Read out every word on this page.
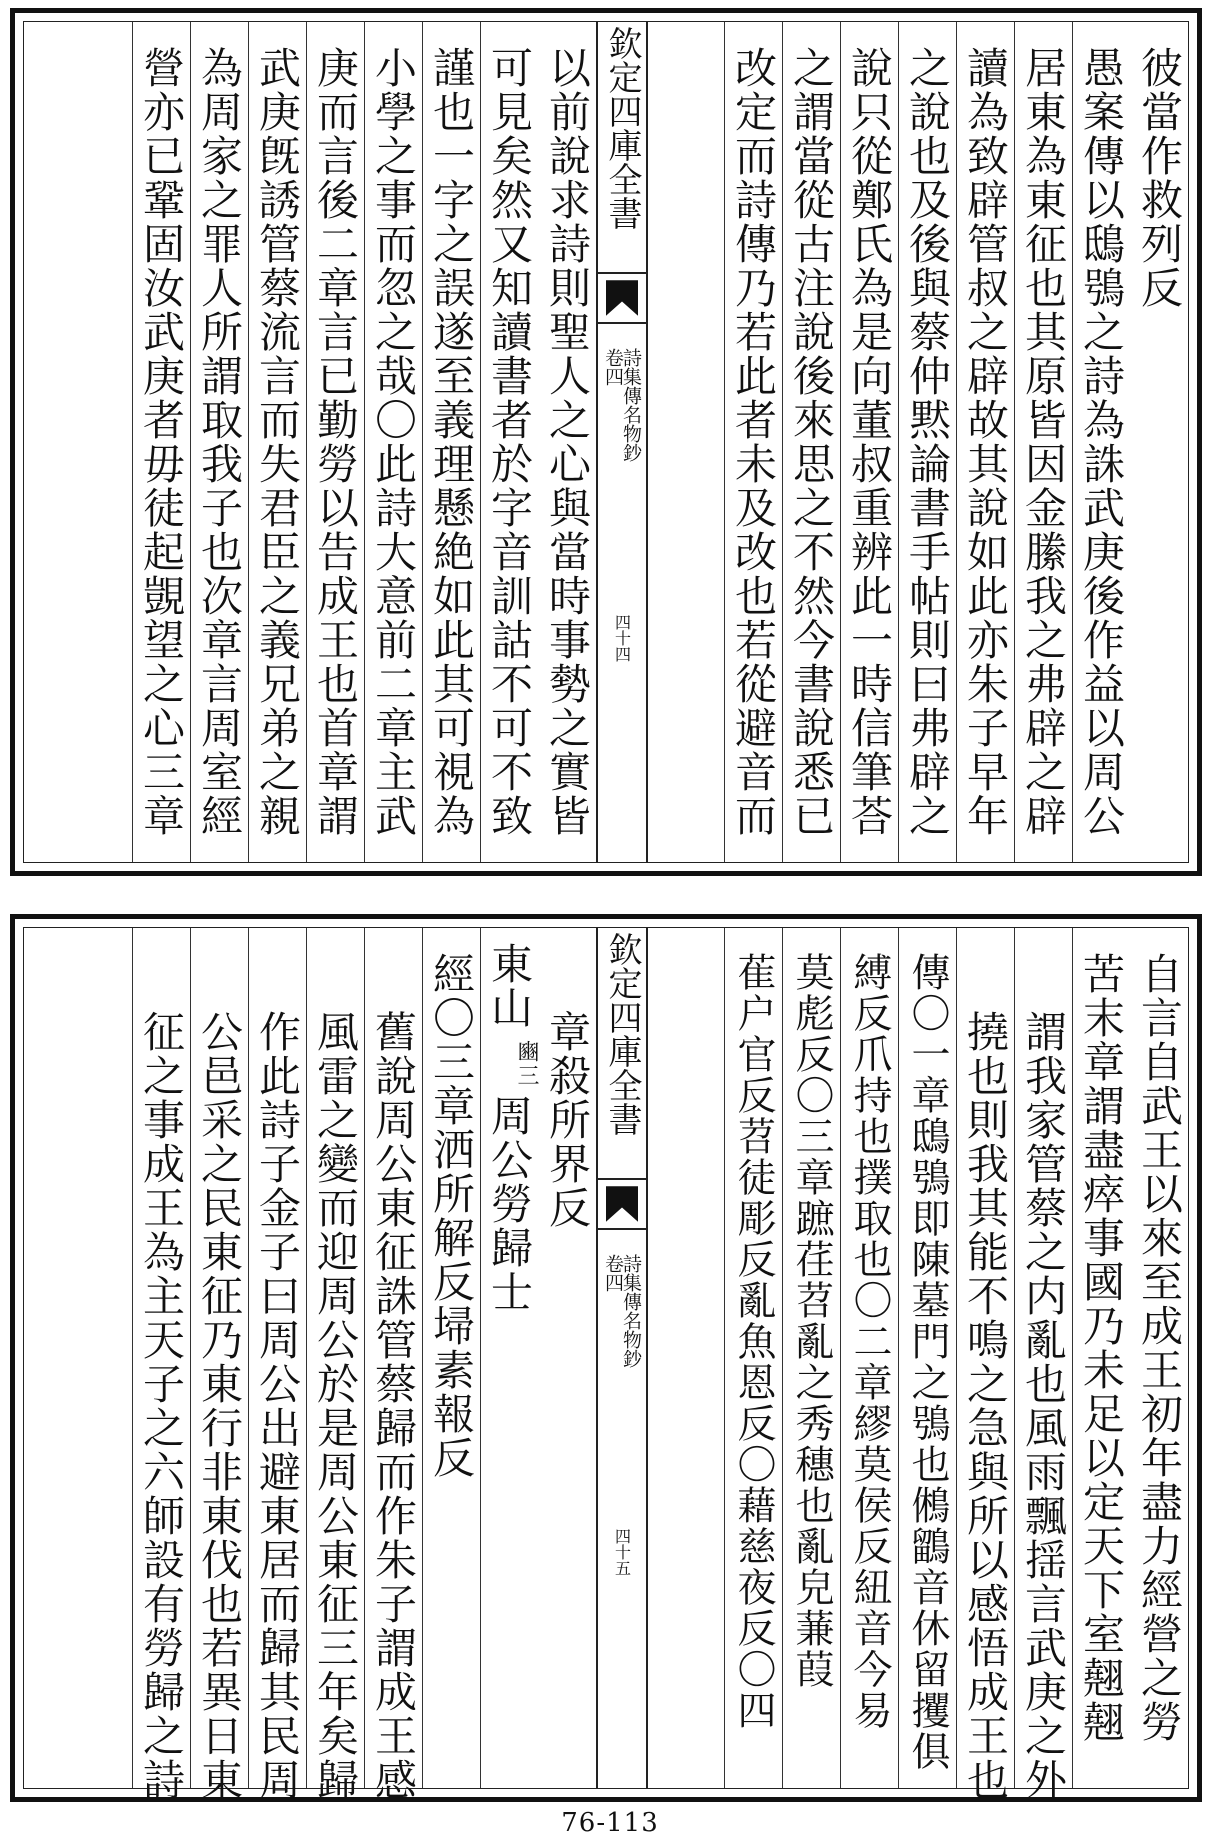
彼當作救列反
愚案傳以鴟鴞之詩為誅武庚後作益以周公
居東為東征也其原皆因金縢我之弗辟之辟
讀為致辟管叔之辟故其說如此亦朱子早年
之說也及後與蔡仲黙論書手帖則曰弗辟之
說只從鄭氏為是向董叔重辨此一時信筆荅
之謂當從古注說後來思之不然今書說悉已
改定而詩傳乃若此者未及改也若從避音而
欽定四庫全書
詩集傳名物鈔
卷四
四十四
以前說求詩則聖人之心與當時事勢之實皆
可見矣然又知讀書者於字音訓詁不可不致
謹也一字之誤遂至義理懸絶如此其可視為
小學之事而忽之哉〇此詩大意前二章主武
庚而言後二章言已勤勞以告成王也首章謂
武庚旣誘管蔡流言而失君臣之義兄弟之親
為周家之罪人所謂取我子也次章言周室經
營亦已鞏固汝武庚者毋徒起覬望之心三章
自言自武王以來至成王初年盡力經營之勞
苦末章謂盡瘁事國乃未足以定天下室翹翹
謂我家管蔡之内亂也風雨飄揺言武庚之外
撓也則我其能不鳴之急與所以感悟成王也
傳〇一章鴟鴞即陳墓門之鴞也鵂鶹音休留攫俱
縛反爪持也撲取也〇二章繆莫侯反紐音今易
莫彪反〇三章蹠荏苕亂之秀穗也亂皃蒹葭
萑户官反苕徒彫反亂魚恩反〇藉慈夜反〇四
欽定四庫全書
詩集傳名物鈔
卷四
四十五
章殺所界反
東山
豳三
周公勞歸士
經〇三章洒所解反埽素報反
舊說周公東征誅管蔡歸而作朱子謂成王感
風雷之變而迎周公於是周公東征三年矣歸
作此詩子金子曰周公出避東居而歸其民周
公邑采之民東征乃東行非東伐也若異日東
征之事成王為主天子之六師設有勞歸之詩
76-113
